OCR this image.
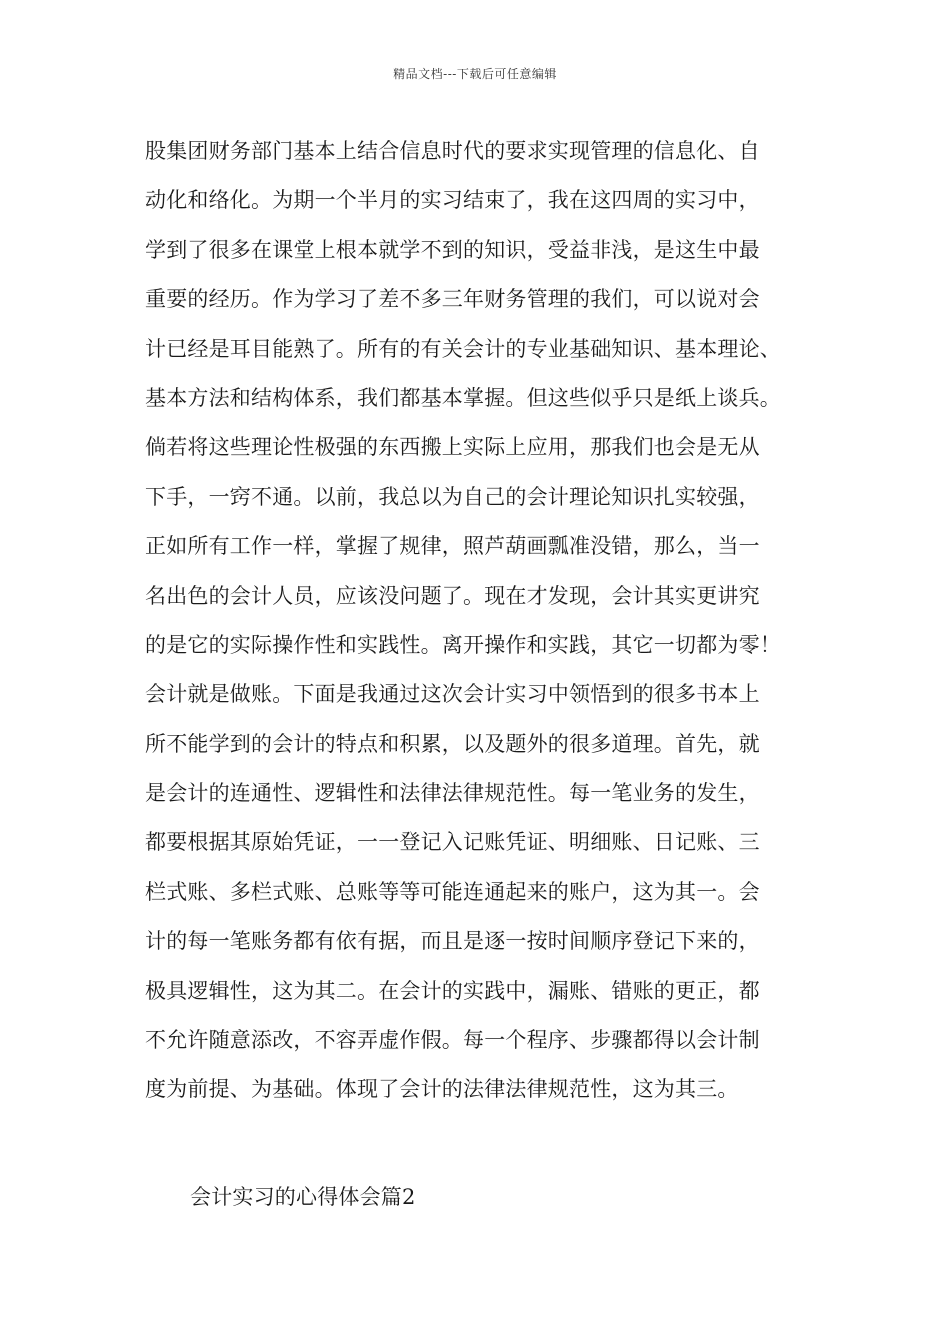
精品文档---下载后可任意编辑
股集团财务部门基本上结合信息时代的要求实现管理的信息化、自
动化和络化。为期一个半月的实习结束了，我在这四周的实习中，
学到了很多在课堂上根本就学不到的知识，受益非浅，是这生中最
重要的经历。作为学习了差不多三年财务管理的我们，可以说对会
计已经是耳目能熟了。所有的有关会计的专业基础知识、基本理论、
基本方法和结构体系，我们都基本掌握。但这些似乎只是纸上谈兵。
倘若将这些理论性极强的东西搬上实际上应用，那我们也会是无从
下手，一窍不通。以前，我总以为自己的会计理论知识扎实较强，
正如所有工作一样，掌握了规律，照芦葫画瓢准没错，那么，当一
名出色的会计人员，应该没问题了。现在才发现，会计其实更讲究
的是它的实际操作性和实践性。离开操作和实践，其它一切都为零！
会计就是做账。下面是我通过这次会计实习中领悟到的很多书本上
所不能学到的会计的特点和积累，以及题外的很多道理。首先，就
是会计的连通性、逻辑性和法律法律规范性。每一笔业务的发生，
都要根据其原始凭证，一一登记入记账凭证、明细账、日记账、三
栏式账、多栏式账、总账等等可能连通起来的账户，这为其一。会
计的每一笔账务都有依有据，而且是逐一按时间顺序登记下来的，
极具逻辑性，这为其二。在会计的实践中，漏账、错账的更正，都
不允许随意添改，不容弄虚作假。每一个程序、步骤都得以会计制
度为前提、为基础。体现了会计的法律法律规范性，这为其三。
会计实习的心得体会篇2
